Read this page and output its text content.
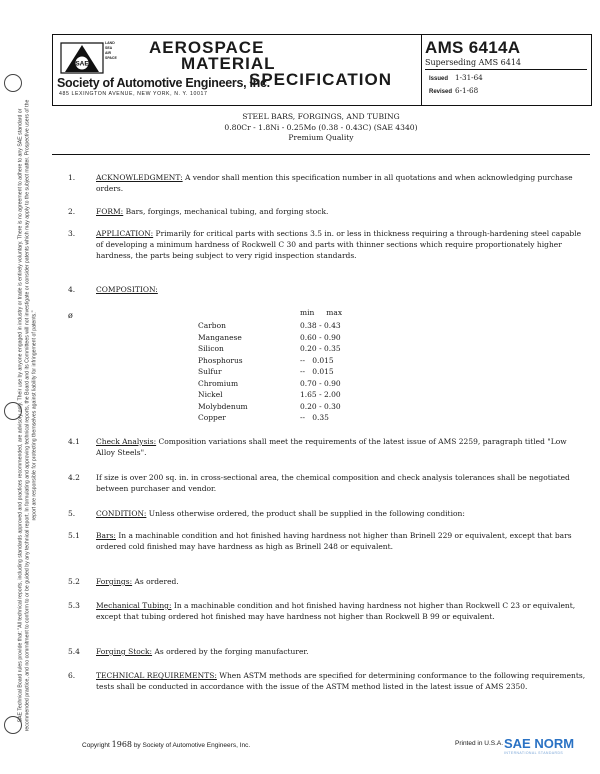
SAE Technical Board rules provide that: "All technical reports, including standards approved and practices recommended, are advisory only. Their use by anyone engaged in industry or trade is entirely voluntary. There is no agreement to adhere to any SAE standard or recommended practice, and no commitment to conform to or be guided by any technical report. In formulating and approving technical reports, the Board and its Committees will not investigate or consider patents which may apply to the subject matter. Prospective users of the report are responsible for protecting themselves against liability for infringement of patents."
SAE
LAND
SEA
AIR
SPACE
Society of Automotive Engineers, Inc.
485 LEXINGTON AVENUE, NEW YORK, N. Y. 10017
AEROSPACE
MATERIAL
SPECIFICATION
AMS 6414A
Superseding AMS 6414
Issued 1-31-64
Revised 6-1-68
STEEL BARS, FORGINGS, AND TUBING
0.80Cr - 1.8Ni - 0.25Mo (0.38 - 0.43C) (SAE 4340)
Premium Quality
1.	ACKNOWLEDGMENT: A vendor shall mention this specification number in all quotations and when acknowledging purchase orders.
2.	FORM: Bars, forgings, mechanical tubing, and forging stock.
3.	APPLICATION: Primarily for critical parts with sections 3.5 in. or less in thickness requiring a through-hardening steel capable of developing a minimum hardness of Rockwell C 30 and parts with thinner sections which require proportionately higher hardness, the parts being subject to very rigid inspection standards.
4.	COMPOSITION:
ø	min max
Carbon	0.38 - 0.43
Manganese	0.60 - 0.90
Silicon	0.20 - 0.35
Phosphorus	--   0.015
Sulfur	--   0.015
Chromium	0.70 - 0.90
Nickel	1.65 - 2.00
Molybdenum	0.20 - 0.30
Copper	--   0.35
4.1	Check Analysis: Composition variations shall meet the requirements of the latest issue of AMS 2259, paragraph titled "Low Alloy Steels".
4.2	If size is over 200 sq. in. in cross-sectional area, the chemical composition and check analysis tolerances shall be negotiated between purchaser and vendor.
5.	CONDITION: Unless otherwise ordered, the product shall be supplied in the following condition:
5.1	Bars: In a machinable condition and hot finished having hardness not higher than Brinell 229 or equivalent, except that bars ordered cold finished may have hardness as high as Brinell 248 or equivalent.
5.2	Forgings: As ordered.
5.3	Mechanical Tubing: In a machinable condition and hot finished having hardness not higher than Rockwell C 23 or equivalent, except that tubing ordered hot finished may have hardness not higher than Rockwell B 99 or equivalent.
5.4	Forging Stock: As ordered by the forging manufacturer.
6.	TECHNICAL REQUIREMENTS: When ASTM methods are specified for determining conformance to the following requirements, tests shall be conducted in accordance with the issue of the ASTM method listed in the latest issue of AMS 2350.
Copyright 1968 by Society of Automotive Engineers, Inc.	Printed in U.S.A. SAE NORM
INTERNATIONAL STANDARDS
